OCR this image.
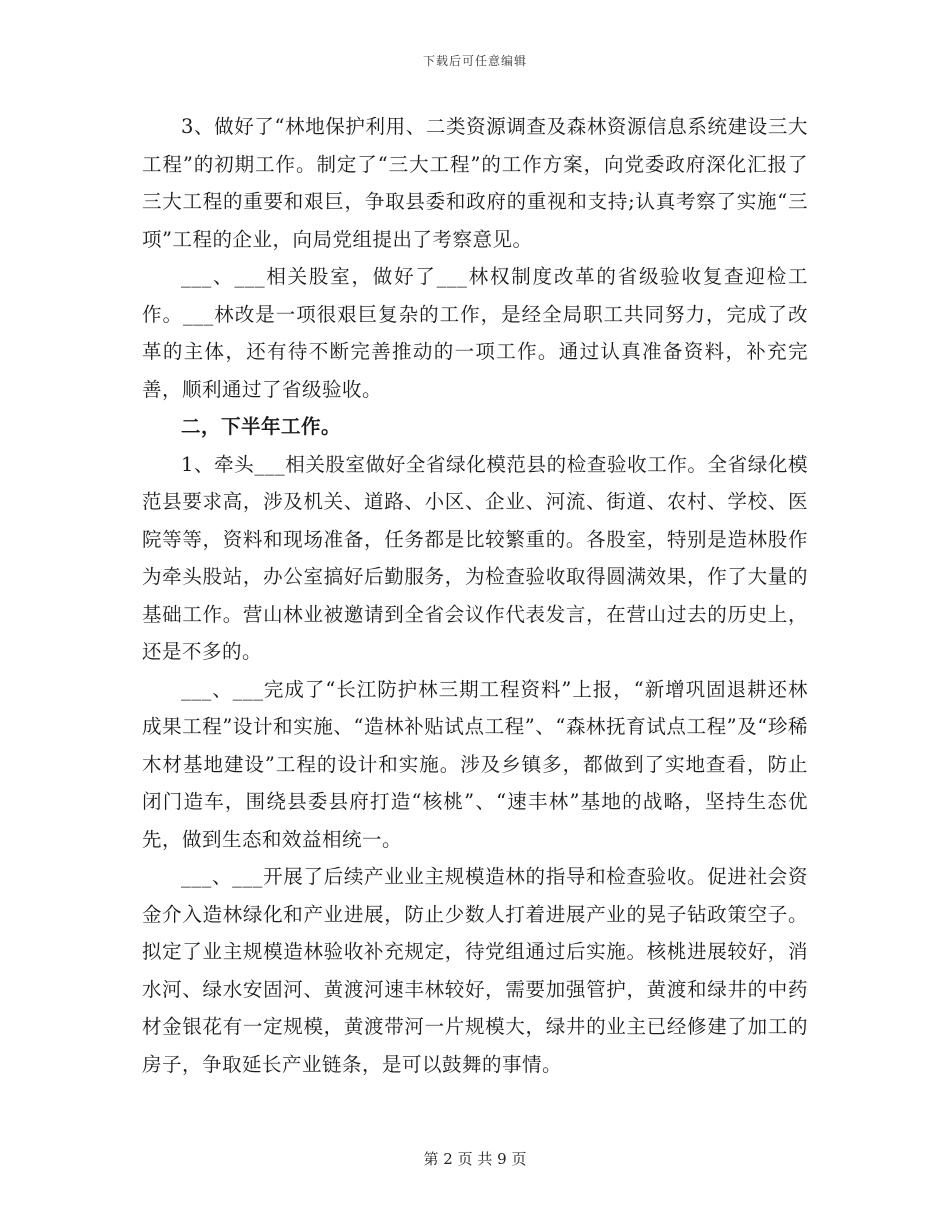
下载后可任意编辑

3、做好了“林地保护利用、二类资源调查及森林资源信息系统建设三大工程”的初期工作。制定了“三大工程”的工作方案，向党委政府深化汇报了三大工程的重要和艰巨，争取县委和政府的重视和支持;认真考察了实施“三项”工程的企业，向局党组提出了考察意见。

___、___相关股室，做好了___林权制度改革的省级验收复查迎检工作。___林改是一项很艰巨复杂的工作，是经全局职工共同努力，完成了改革的主体，还有待不断完善推动的一项工作。通过认真准备资料，补充完善，顺利通过了省级验收。

二，下半年工作。

1、牵头___相关股室做好全省绿化模范县的检查验收工作。全省绿化模范县要求高，涉及机关、道路、小区、企业、河流、街道、农村、学校、医院等等，资料和现场准备，任务都是比较繁重的。各股室，特别是造林股作为牵头股站，办公室搞好后勤服务，为检查验收取得圆满效果，作了大量的基础工作。营山林业被邀请到全省会议作代表发言，在营山过去的历史上，还是不多的。

___、___完成了“长江防护林三期工程资料”上报，“新增巩固退耕还林成果工程”设计和实施、“造林补贴试点工程”、“森林抚育试点工程”及“珍稀木材基地建设”工程的设计和实施。涉及乡镇多，都做到了实地查看，防止闭门造车，围绕县委县府打造“核桃”、“速丰林”基地的战略，坚持生态优先，做到生态和效益相统一。

___、___开展了后续产业业主规模造林的指导和检查验收。促进社会资金介入造林绿化和产业进展，防止少数人打着进展产业的晃子钻政策空子。拟定了业主规模造林验收补充规定，待党组通过后实施。核桃进展较好，消水河、绿水安固河、黄渡河速丰林较好，需要加强管护，黄渡和绿井的中药材金银花有一定规模，黄渡带河一片规模大，绿井的业主已经修建了加工的房子，争取延长产业链条，是可以鼓舞的事情。

第 2 页 共 9 页
